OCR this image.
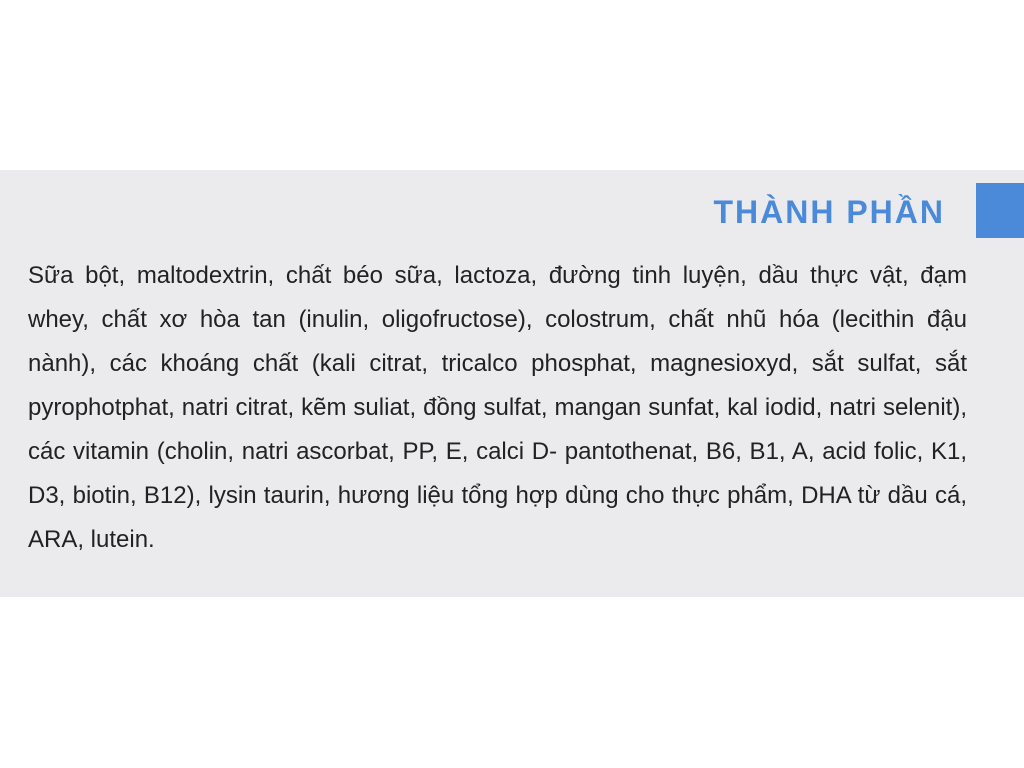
THÀNH PHẦN

Sữa bột, maltodextrin, chất béo sữa, lactoza, đường tinh luyện, dầu thực vật, đạm whey, chất xơ hòa tan (inulin, oligofructose), colostrum, chất nhũ hóa (lecithin đậu nành), các khoáng chất (kali citrat, tricalco phosphat, magnesioxyd, sắt sulfat, sắt pyrophotphat, natri citrat, kẽm suliat, đồng sulfat, mangan sunfat, kal iodid, natri selenit), các vitamin (cholin, natri ascorbat, PP, E, calci D- pantothenat, B6, B1, A, acid folic, K1, D3, biotin, B12), lysin taurin, hương liệu tổng hợp dùng cho thực phẩm, DHA từ dầu cá, ARA, lutein.
